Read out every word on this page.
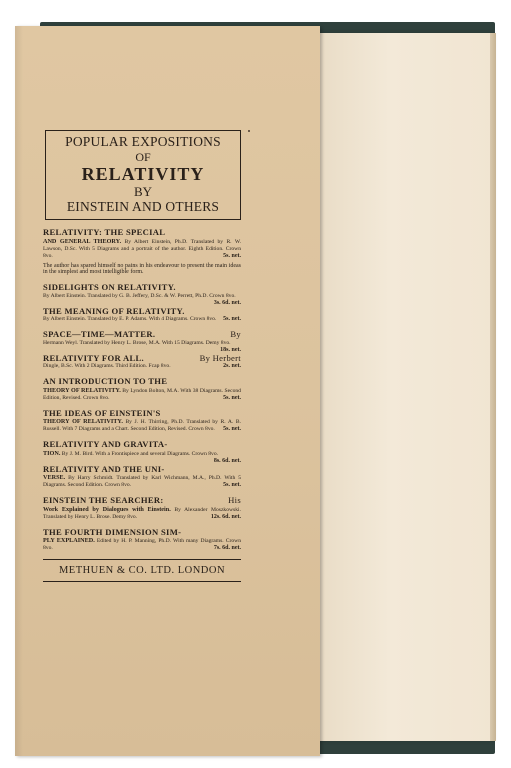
POPULAR EXPOSITIONS
OF
RELATIVITY
BY
EINSTEIN AND OTHERS
RELATIVITY: THE SPECIAL
AND GENERAL THEORY. By Albert Einstein, Ph.D. Translated by R. W. Lawson, D.Sc. With 5 Diagrams and a portrait of the author. Eighth Edition. Crown 8vo.	5s. net.
The author has spared himself no pains in his endeavour to present the main ideas in the simplest and most intelligible form.
SIDELIGHTS ON RELATIVITY.
By Albert Einstein. Translated by G. B. Jeffery, D.Sc. & W. Perrett, Ph.D. Crown 8vo.
3s. 6d. net.
THE MEANING OF RELATIVITY.
By Albert Einstein. Translated by E. P. Adams. With 4 Diagrams. Crown 8vo. 5s. net.
SPACE—TIME—MATTER.	By
Hermann Weyl. Translated by Henry L. Brose, M.A. With 15 Diagrams. Demy 8vo.
18s. net.
RELATIVITY FOR ALL.	By Herbert
Dingle, B.Sc. With 2 Diagrams. Third Edition. Fcap 8vo.	2s. net.
AN INTRODUCTION TO THE
THEORY OF RELATIVITY. By Lyndon Bolton, M.A. With 38 Diagrams. Second Edition, Revised. Crown 8vo.	5s. net.
THE IDEAS OF EINSTEIN'S
THEORY OF RELATIVITY. By J. H. Thirring, Ph.D. Translated by R. A. B. Russell. With 7 Diagrams and a Chart. Second Edition, Revised. Crown 8vo. 5s. net.
RELATIVITY AND GRAVITA-
TION. By J. M. Bird. With a Frontispiece and several Diagrams. Crown 8vo.
8s. 6d. net.
RELATIVITY AND THE UNI-
VERSE. By Harry Schmidt. Translated by Karl Wichmann, M.A., Ph.D. With 5 Diagrams. Second Edition. Crown 8vo.	5s. net.
EINSTEIN THE SEARCHER:	His
Work Explained by Dialogues with Einstein. By Alexander Moszkowski. Translated by Henry L. Brose. Demy 8vo.	12s. 6d. net.
THE FOURTH DIMENSION SIM-
PLY EXPLAINED. Edited by H. P. Manning, Ph.D. With many Diagrams. Crown 8vo.	7s. 6d. net.
METHUEN & CO. LTD. LONDON
